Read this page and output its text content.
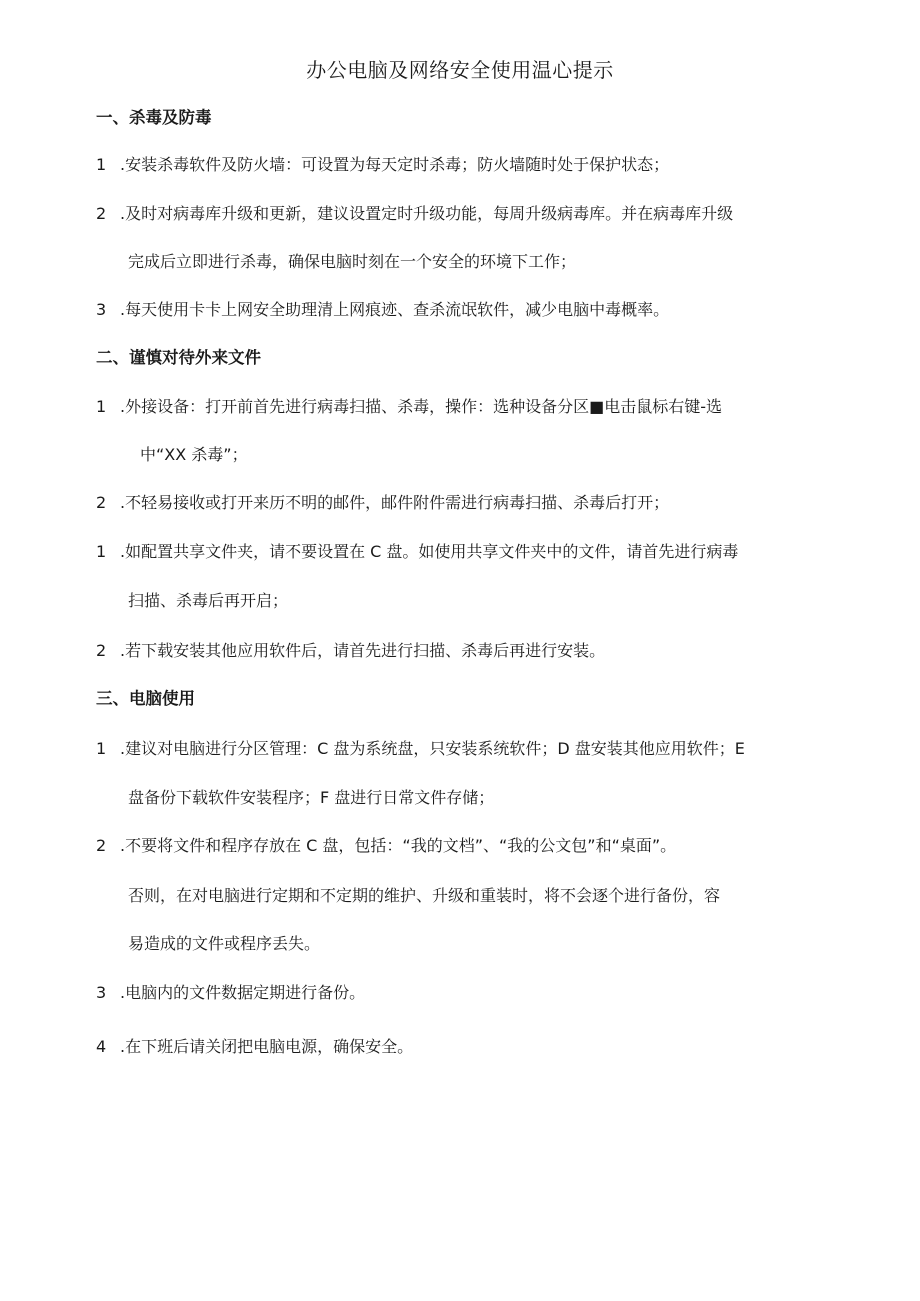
办公电脑及网络安全使用温心提示
一、杀毒及防毒
1 .安装杀毒软件及防火墙：可设置为每天定时杀毒；防火墙随时处于保护状态；
2 .及时对病毒库升级和更新，建议设置定时升级功能，每周升级病毒库。并在病毒库升级
完成后立即进行杀毒，确保电脑时刻在一个安全的环境下工作；
3 .每天使用卡卡上网安全助理清上网痕迹、查杀流氓软件，减少电脑中毒概率。
二、谨慎对待外来文件
1 .外接设备：打开前首先进行病毒扫描、杀毒，操作：选种设备分区■电击鼠标右键-选
中“XX 杀毒”；
2 .不轻易接收或打开来历不明的邮件，邮件附件需进行病毒扫描、杀毒后打开；
1 .如配置共享文件夹，请不要设置在 C 盘。如使用共享文件夹中的文件，请首先进行病毒
扫描、杀毒后再开启；
2 .若下载安装其他应用软件后，请首先进行扫描、杀毒后再进行安装。
三、电脑使用
1 .建议对电脑进行分区管理：C 盘为系统盘，只安装系统软件；D 盘安装其他应用软件；E
盘备份下载软件安装程序；F 盘进行日常文件存储；
2 .不要将文件和程序存放在 C 盘，包括：“我的文档”、“我的公文包”和“桌面”。
否则，在对电脑进行定期和不定期的维护、升级和重装时，将不会逐个进行备份，容
易造成的文件或程序丢失。
3 .电脑内的文件数据定期进行备份。
4 .在下班后请关闭把电脑电源，确保安全。
